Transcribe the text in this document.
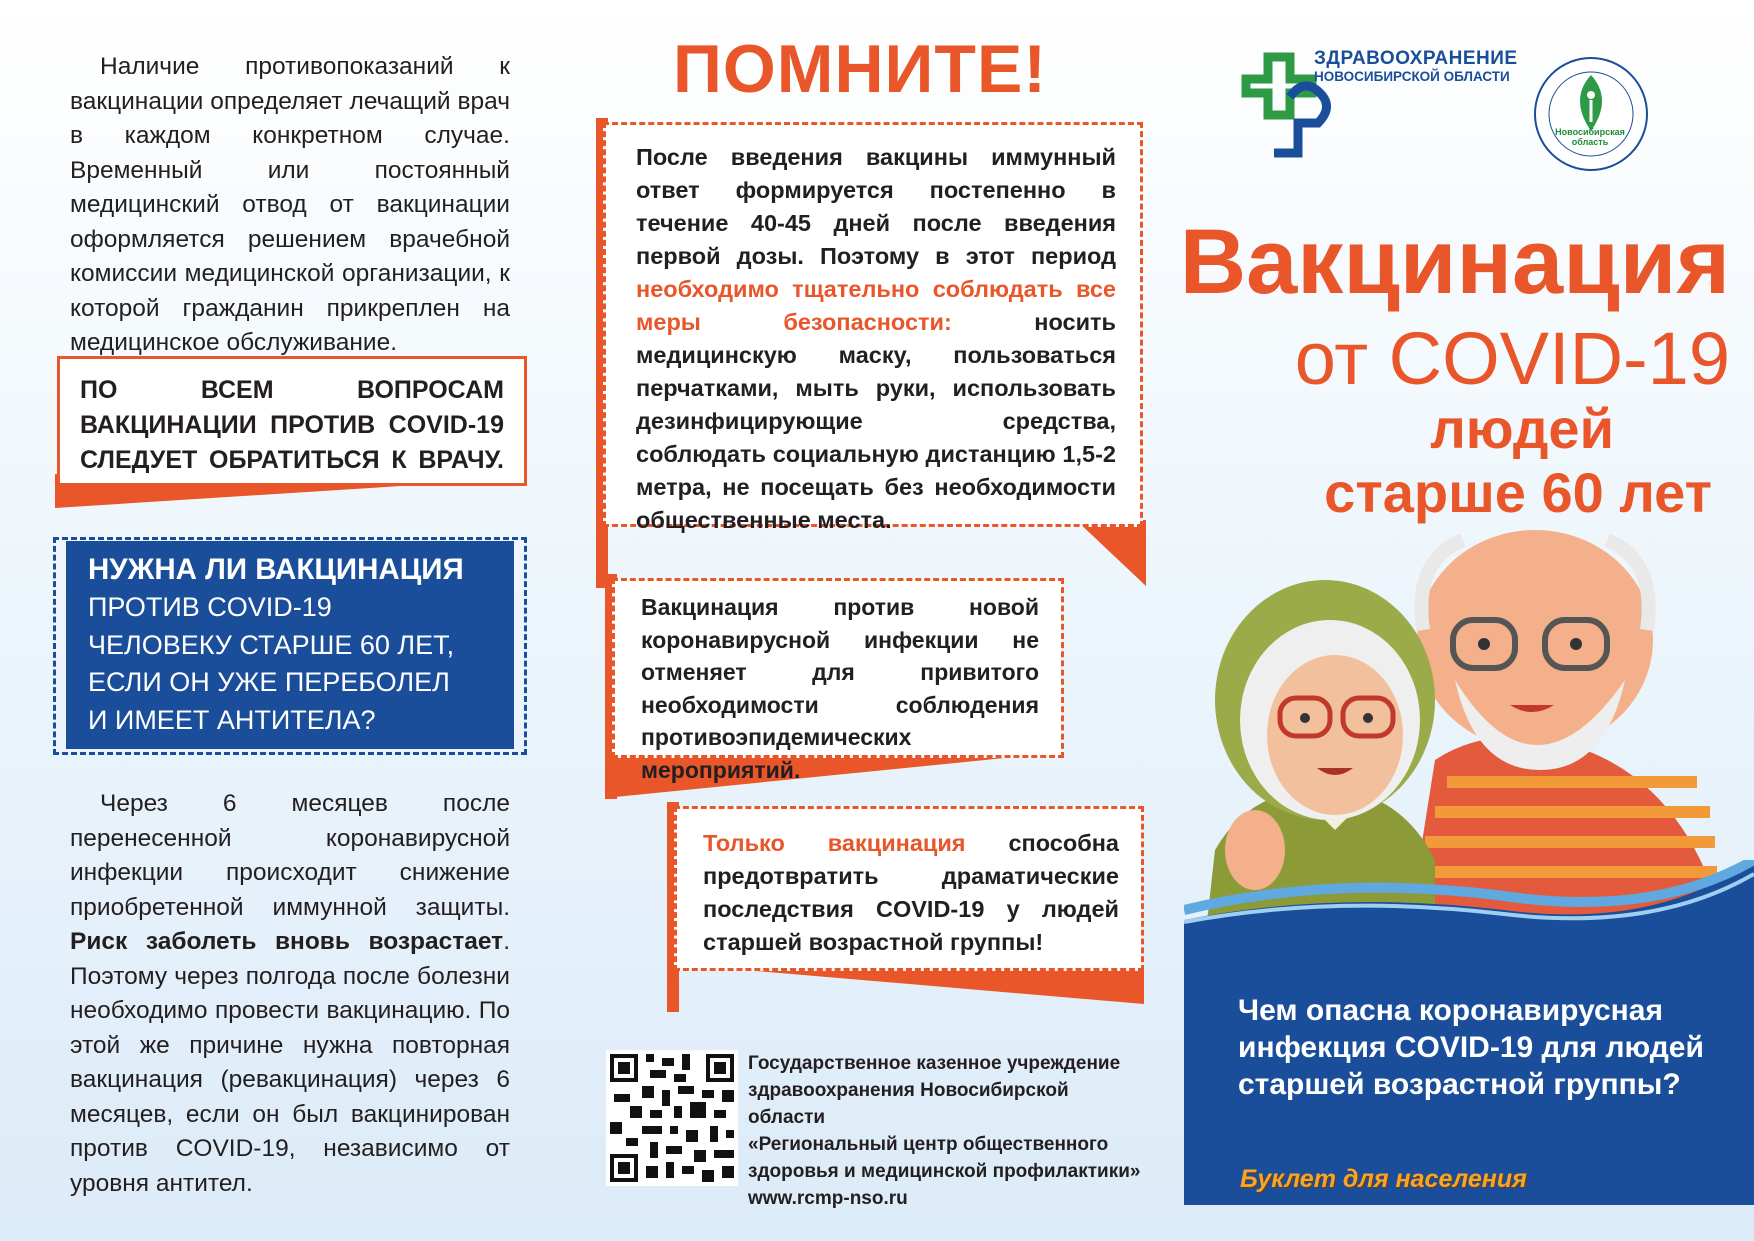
Наличие противопоказаний к вакцинации определяет лечащий врач в каждом конкретном случае. Временный или постоянный медицинский отвод от вакцинации оформляется решением врачебной комиссии медицинской организации, к которой гражданин прикреплен на медицинское обслуживание.
ПО ВСЕМ ВОПРОСАМ ВАКЦИНАЦИИ ПРОТИВ COVID-19 СЛЕДУЕТ ОБРАТИТЬСЯ К ВРАЧУ.
НУЖНА ЛИ ВАКЦИНАЦИЯ
ПРОТИВ COVID-19
ЧЕЛОВЕКУ СТАРШЕ 60 ЛЕТ,
ЕСЛИ ОН УЖЕ ПЕРЕБОЛЕЛ
И ИМЕЕТ АНТИТЕЛА?
Через 6 месяцев после перенесенной коронавирусной инфекции происходит снижение приобретенной иммунной защиты. Риск заболеть вновь возрастает. Поэтому через полгода после болезни необходимо провести вакцинацию. По этой же причине нужна повторная вакцинация (ревакцинация) через 6 месяцев, если он был вакцинирован против COVID-19, независимо от уровня антител.
ПОМНИТЕ!
После введения вакцины иммунный ответ формируется постепенно в течение 40-45 дней после введения первой дозы. Поэтому в этот период необходимо тщательно соблюдать все меры безопасности: носить медицинскую маску, пользоваться перчатками, мыть руки, использовать дезинфицирующие средства, соблюдать социальную дистанцию 1,5-2 метра, не посещать без необходимости общественные места.
Вакцинация против новой коронавирусной инфекции не отменяет для привитого необходимости соблюдения противоэпидемических мероприятий.
Только вакцинация способна предотвратить драматические последствия COVID-19 у людей старшей возрастной группы!
Государственное казенное учреждение
здравоохранения Новосибирской области
«Региональный центр общественного
здоровья и медицинской профилактики»
www.rcmp-nso.ru
ЗДРАВООХРАНЕНИЕ
НОВОСИБИРСКОЙ ОБЛАСТИ
Новосибирская
область
Вакцинация
от COVID-19
людей
старше 60 лет
Чем опасна коронавирусная инфекция COVID-19 для людей старшей возрастной группы?
Буклет для населения
